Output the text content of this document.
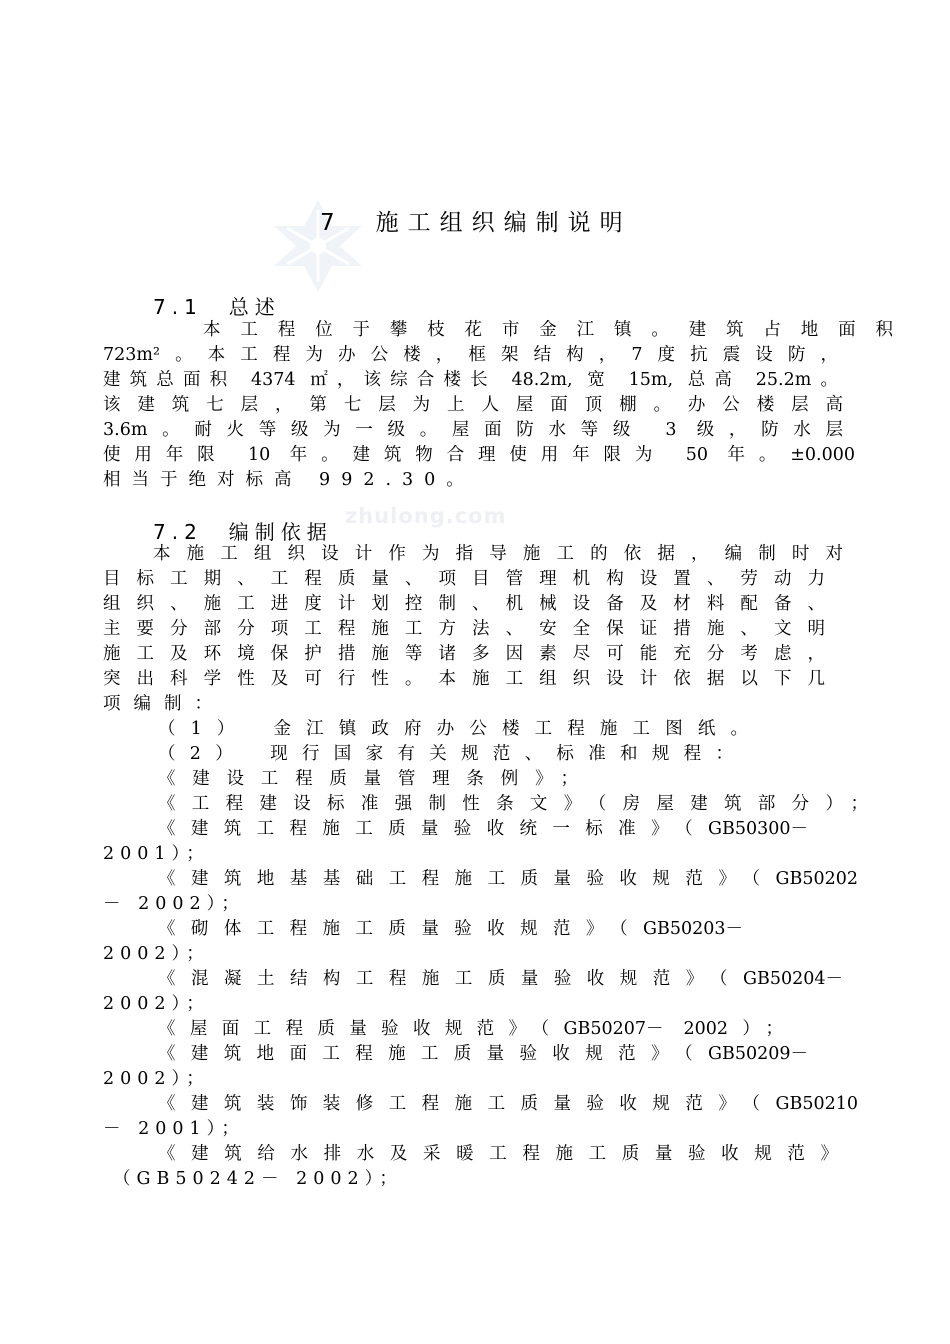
zhulong.com
7　施工组织编制说明
7.1　总述
本工程位于攀枝花市金江镇。建筑占地面积
723m²。本工程为办公楼，框架结构，7度抗震设防，
建筑总面积 4374 ㎡，该综合楼长 48.2m, 宽 15m, 总高 25.2m。
该建筑七层，第七层为上人屋面顶棚。办公楼层高
3.6m。耐火等级为一级。屋面防水等级 3 级，防水层
使用年限 10 年。建筑物合理使用年限为 50 年。±0.000
相当于绝对标高 992.30。
7.2　编制依据
本施工组织设计作为指导施工的依据，编制时对
目标工期、工程质量、项目管理机构设置、劳动力
组织、施工进度计划控制、机械设备及材料配备、
主要分部分项工程施工方法、安全保证措施、文明
施工及环境保护措施等诸多因素尽可能充分考虑，
突出科学性及可行性。本施工组织设计依据以下几
项编制：
（1）　金江镇政府办公楼工程施工图纸。
（2）　现行国家有关规范、标准和规程：
《建设工程质量管理条例》；
《工程建设标准强制性条文》（房屋建筑部分）；
《建筑工程施工质量验收统一标准》（GB50300－
2001）；
《建筑地基基础工程施工质量验收规范》（GB50202
－ 2002）；
《砌体工程施工质量验收规范》（GB50203－
2002）；
《混凝土结构工程施工质量验收规范》（GB50204－
2002）；
《屋面工程质量验收规范》（GB50207－ 2002）；
《建筑地面工程施工质量验收规范》（GB50209－
2002）；
《建筑装饰装修工程施工质量验收规范》（GB50210
－ 2001）；
《建筑给水排水及采暖工程施工质量验收规范》
（GB50242－ 2002）；
